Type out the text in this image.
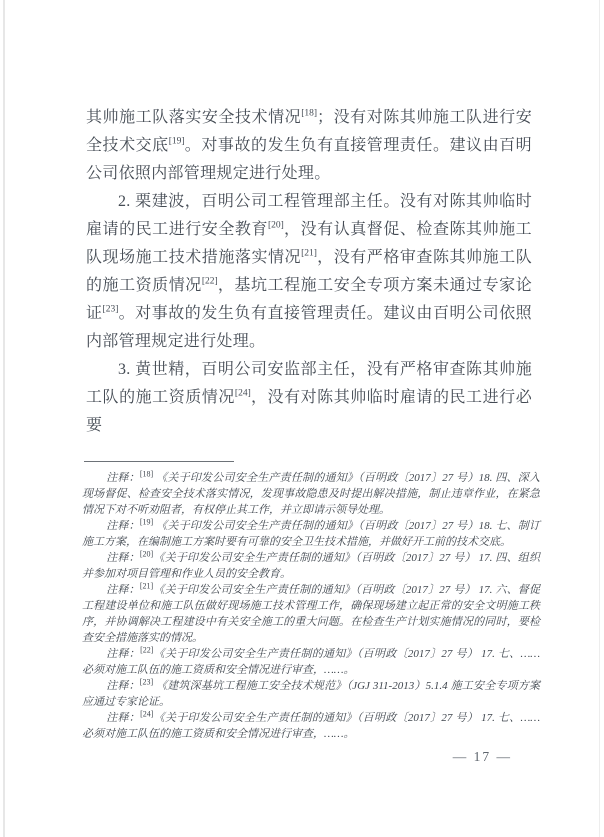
其帅施工队落实安全技术情况[18]；没有对陈其帅施工队进行安全技术交底[19]。对事故的发生负有直接管理责任。建议由百明公司依照内部管理规定进行处理。

2. 栗建波，百明公司工程管理部主任。没有对陈其帅临时雇请的民工进行安全教育[20]，没有认真督促、检查陈其帅施工队现场施工技术措施落实情况[21]，没有严格审查陈其帅施工队的施工资质情况[22]，基坑工程施工安全专项方案未通过专家论证[23]。对事故的发生负有直接管理责任。建议由百明公司依照内部管理规定进行处理。

3. 黄世精，百明公司安监部主任，没有严格审查陈其帅施工队的施工资质情况[24]，没有对陈其帅临时雇请的民工进行必要

注释：[18] 《关于印发公司安全生产责任制的通知》（百明政〔2017〕27 号）18. 四、深入现场督促、检查安全技术落实情况，发现事故隐患及时提出解决措施，制止违章作业，在紧急情况下对不听劝阻者，有权停止其工作，并立即请示领导处理。

注释：[19] 《关于印发公司安全生产责任制的通知》（百明政〔2017〕27 号）18. 七、制订施工方案，在编制施工方案时要有可靠的安全卫生技术措施，并做好开工前的技术交底。

注释：[20]《关于印发公司安全生产责任制的通知》（百明政〔2017〕27 号） 17. 四、组织并参加对项目管理和作业人员的安全教育。

注释：[21]《关于印发公司安全生产责任制的通知》（百明政〔2017〕27 号） 17. 六、督促工程建设单位和施工队伍做好现场施工技术管理工作，确保现场建立起正常的安全文明施工秩序，并协调解决工程建设中有关安全施工的重大问题。在检查生产计划实施情况的同时，要检查安全措施落实的情况。

注释：[22]《关于印发公司安全生产责任制的通知》（百明政〔2017〕27 号） 17. 七、……必须对施工队伍的施工资质和安全情况进行审查，……。

注释：[23] 《建筑深基坑工程施工安全技术规范》（JGJ 311-2013）5.1.4 施工安全专项方案应通过专家论证。

注释：[24]《关于印发公司安全生产责任制的通知》（百明政〔2017〕27 号） 17. 七、……必须对施工队伍的施工资质和安全情况进行审查，……。

— 17 —
